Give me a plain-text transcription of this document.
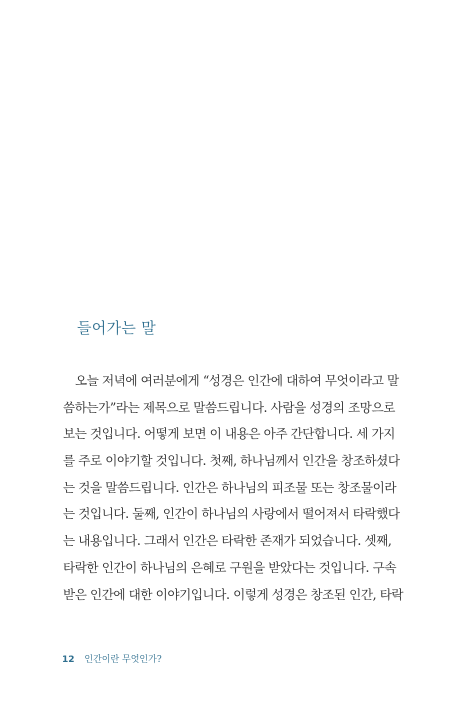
들어가는 말
오늘 저녁에 여러분에게 “성경은 인간에 대하여 무엇이라고 말
씀하는가”라는 제목으로 말씀드립니다. 사람을 성경의 조망으로
보는 것입니다. 어떻게 보면 이 내용은 아주 간단합니다. 세 가지
를 주로 이야기할 것입니다. 첫째, 하나님께서 인간을 창조하셨다
는 것을 말씀드립니다. 인간은 하나님의 피조물 또는 창조물이라
는 것입니다. 둘째, 인간이 하나님의 사랑에서 떨어져서 타락했다
는 내용입니다. 그래서 인간은 타락한 존재가 되었습니다. 셋째,
타락한 인간이 하나님의 은혜로 구원을 받았다는 것입니다. 구속
받은 인간에 대한 이야기입니다. 이렇게 성경은 창조된 인간, 타락
12 인간이란 무엇인가?
